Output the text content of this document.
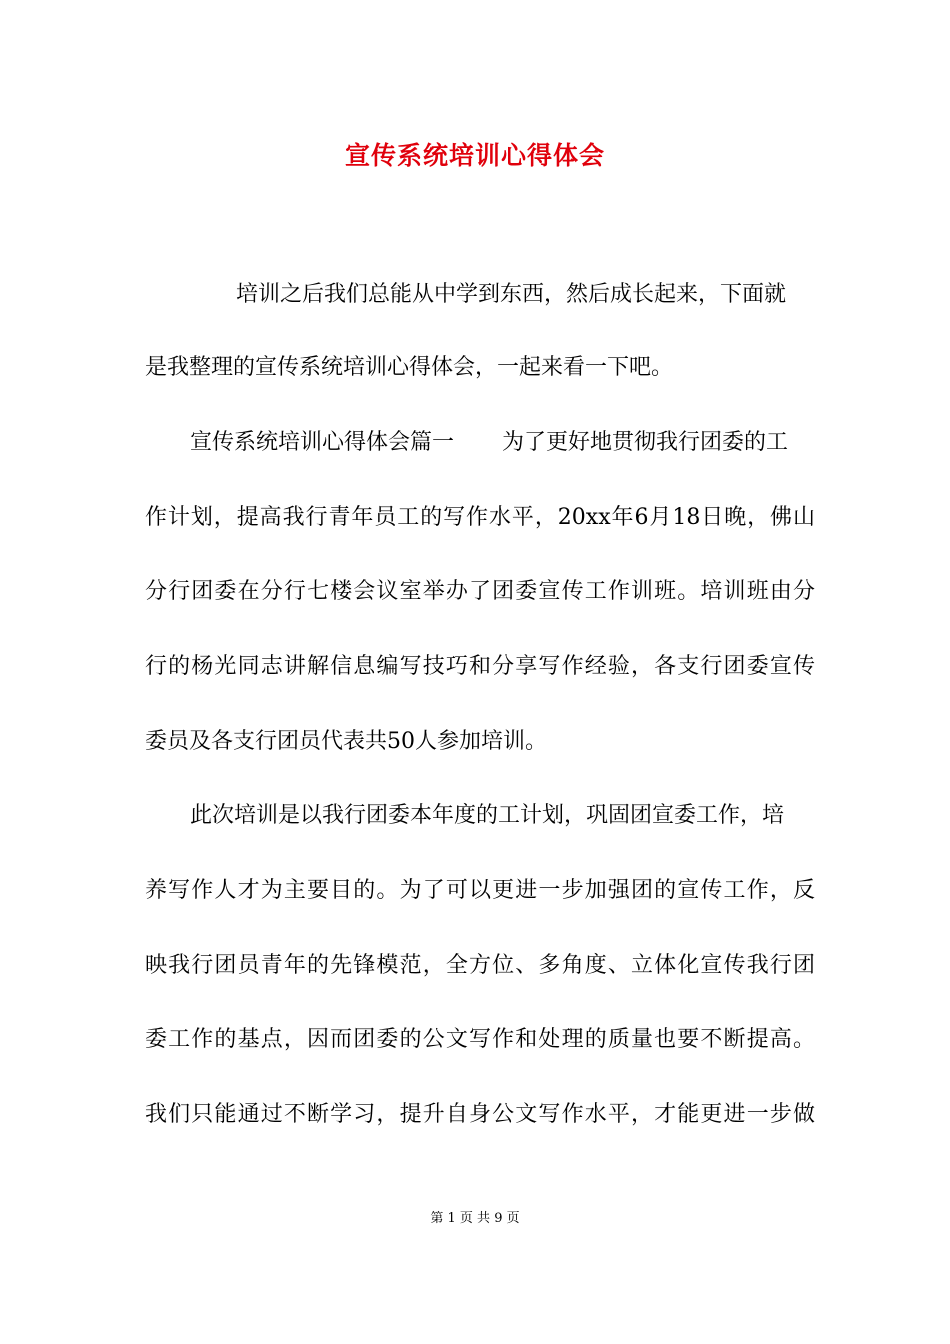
宣传系统培训心得体会

培训之后我们总能从中学到东西，然后成长起来，下面就

是我整理的宣传系统培训心得体会，一起来看一下吧。

宣传系统培训心得体会篇一 为了更好地贯彻我行团委的工

作计划，提高我行青年员工的写作水平，20xx年6月18日晚，佛山

分行团委在分行七楼会议室举办了团委宣传工作训班。培训班由分

行的杨光同志讲解信息编写技巧和分享写作经验，各支行团委宣传

委员及各支行团员代表共50人参加培训。

此次培训是以我行团委本年度的工计划，巩固团宣委工作，培

养写作人才为主要目的。为了可以更进一步加强团的宣传工作，反

映我行团员青年的先锋模范，全方位、多角度、立体化宣传我行团

委工作的基点，因而团委的公文写作和处理的质量也要不断提高。

我们只能通过不断学习，提升自身公文写作水平，才能更进一步做

第 1 页 共 9 页
